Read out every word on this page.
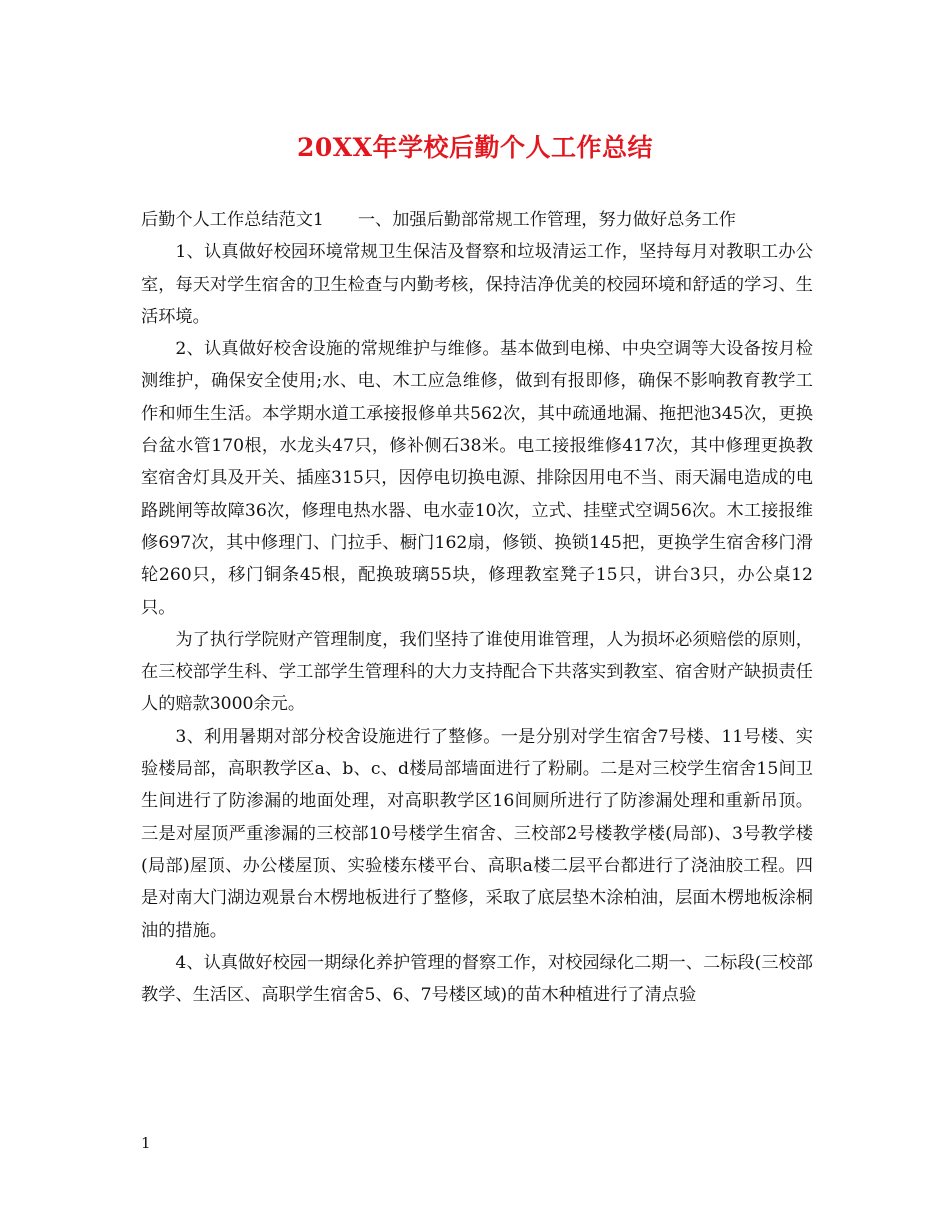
20XX年学校后勤个人工作总结

后勤个人工作总结范文1 一、加强后勤部常规工作管理，努力做好总务工作

1、认真做好校园环境常规卫生保洁及督察和垃圾清运工作，坚持每月对教职工办公室，每天对学生宿舍的卫生检查与内勤考核，保持洁净优美的校园环境和舒适的学习、生活环境。

2、认真做好校舍设施的常规维护与维修。基本做到电梯、中央空调等大设备按月检测维护，确保安全使用;水、电、木工应急维修，做到有报即修，确保不影响教育教学工作和师生生活。本学期水道工承接报修单共562次，其中疏通地漏、拖把池345次，更换台盆水管170根，水龙头47只，修补侧石38米。电工接报维修417次，其中修理更换教室宿舍灯具及开关、插座315只，因停电切换电源、排除因用电不当、雨天漏电造成的电路跳闸等故障36次，修理电热水器、电水壶10次，立式、挂壁式空调56次。木工接报维修697次，其中修理门、门拉手、橱门162扇，修锁、换锁145把，更换学生宿舍移门滑轮260只，移门铜条45根，配换玻璃55块，修理教室凳子15只，讲台3只，办公桌12只。

为了执行学院财产管理制度，我们坚持了谁使用谁管理，人为损坏必须赔偿的原则，在三校部学生科、学工部学生管理科的大力支持配合下共落实到教室、宿舍财产缺损责任人的赔款3000余元。

3、利用暑期对部分校舍设施进行了整修。一是分别对学生宿舍7号楼、11号楼、实验楼局部，高职教学区a、b、c、d楼局部墙面进行了粉刷。二是对三校学生宿舍15间卫生间进行了防渗漏的地面处理，对高职教学区16间厕所进行了防渗漏处理和重新吊顶。三是对屋顶严重渗漏的三校部10号楼学生宿舍、三校部2号楼教学楼(局部)、3号教学楼(局部)屋顶、办公楼屋顶、实验楼东楼平台、高职a楼二层平台都进行了浇油胶工程。四是对南大门湖边观景台木楞地板进行了整修，采取了底层垫木涂柏油，层面木楞地板涂桐油的措施。

4、认真做好校园一期绿化养护管理的督察工作，对校园绿化二期一、二标段(三校部教学、生活区、高职学生宿舍5、6、7号楼区域)的苗木种植进行了清点验

1
